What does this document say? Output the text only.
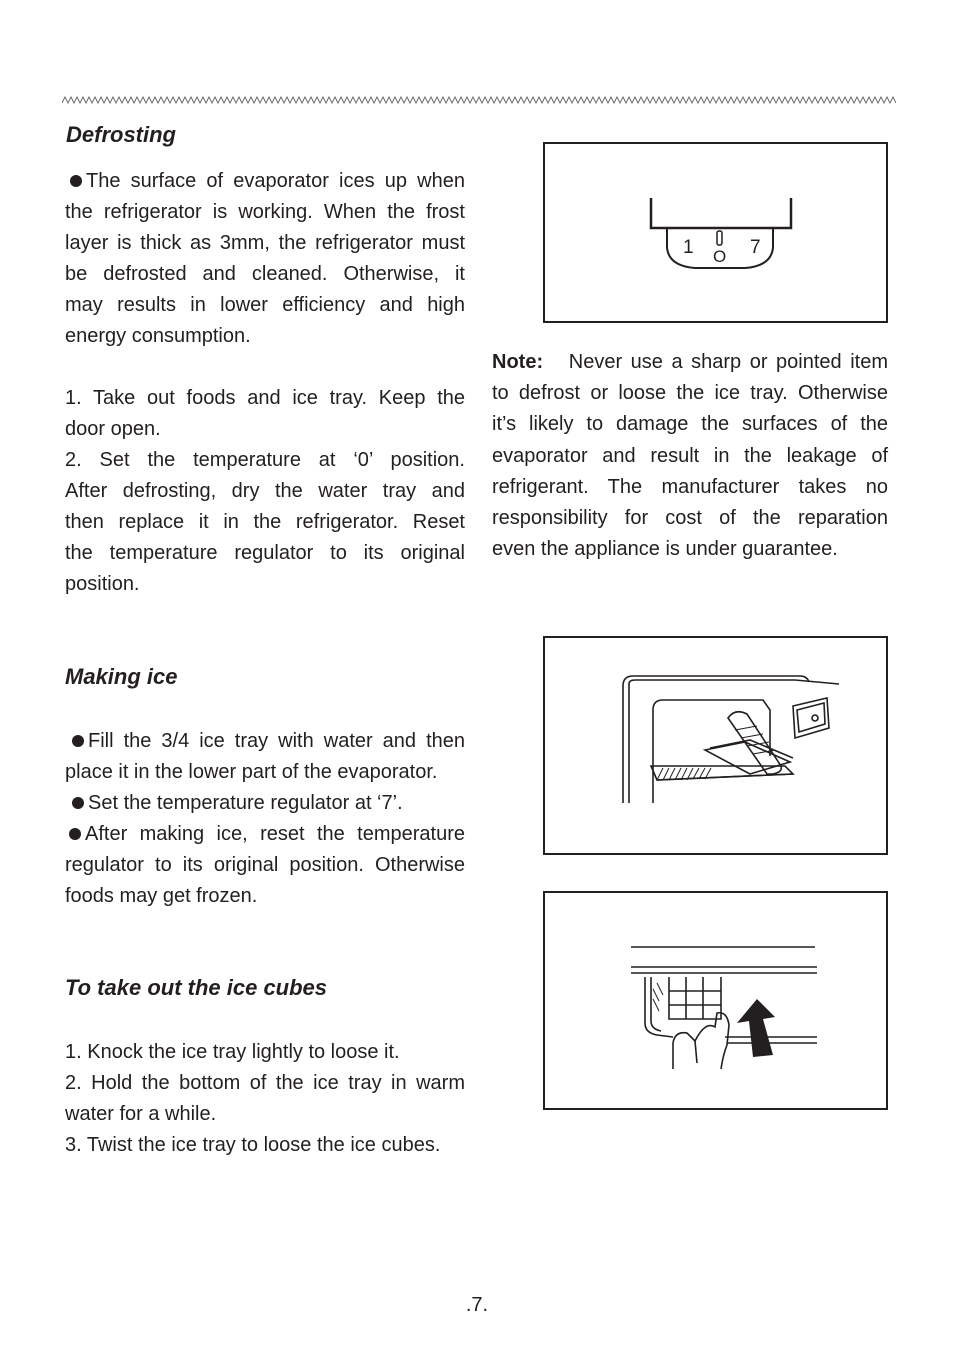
Defrosting
The surface of evaporator ices up when
the refrigerator is working. When the frost
layer is thick as 3mm, the refrigerator must
be defrosted and cleaned. Otherwise, it
may results in lower efficiency and high
energy consumption.
1. Take out foods and ice tray. Keep the
door open.
2. Set the temperature at ‘0’ position.
After defrosting, dry the water tray and
then replace it in the refrigerator. Reset
the temperature regulator to its original
position.
1 O 7
Note: Never use a sharp or pointed item
to defrost or loose the ice tray. Otherwise
it’s likely to damage the surfaces of the
evaporator and result in the leakage of
refrigerant. The manufacturer takes no
responsibility for cost of the reparation
even the appliance is under guarantee.
Making ice
Fill the 3/4 ice tray with water and then
place it in the lower part of the evaporator.
Set the temperature regulator at ‘7’.
After making ice, reset the temperature
regulator to its original position. Otherwise
foods may get frozen.
To take out the ice cubes
1. Knock the ice tray lightly to loose it.
2. Hold the bottom of the ice tray in warm
water for a while.
3. Twist the ice tray to loose the ice cubes.
.7.
